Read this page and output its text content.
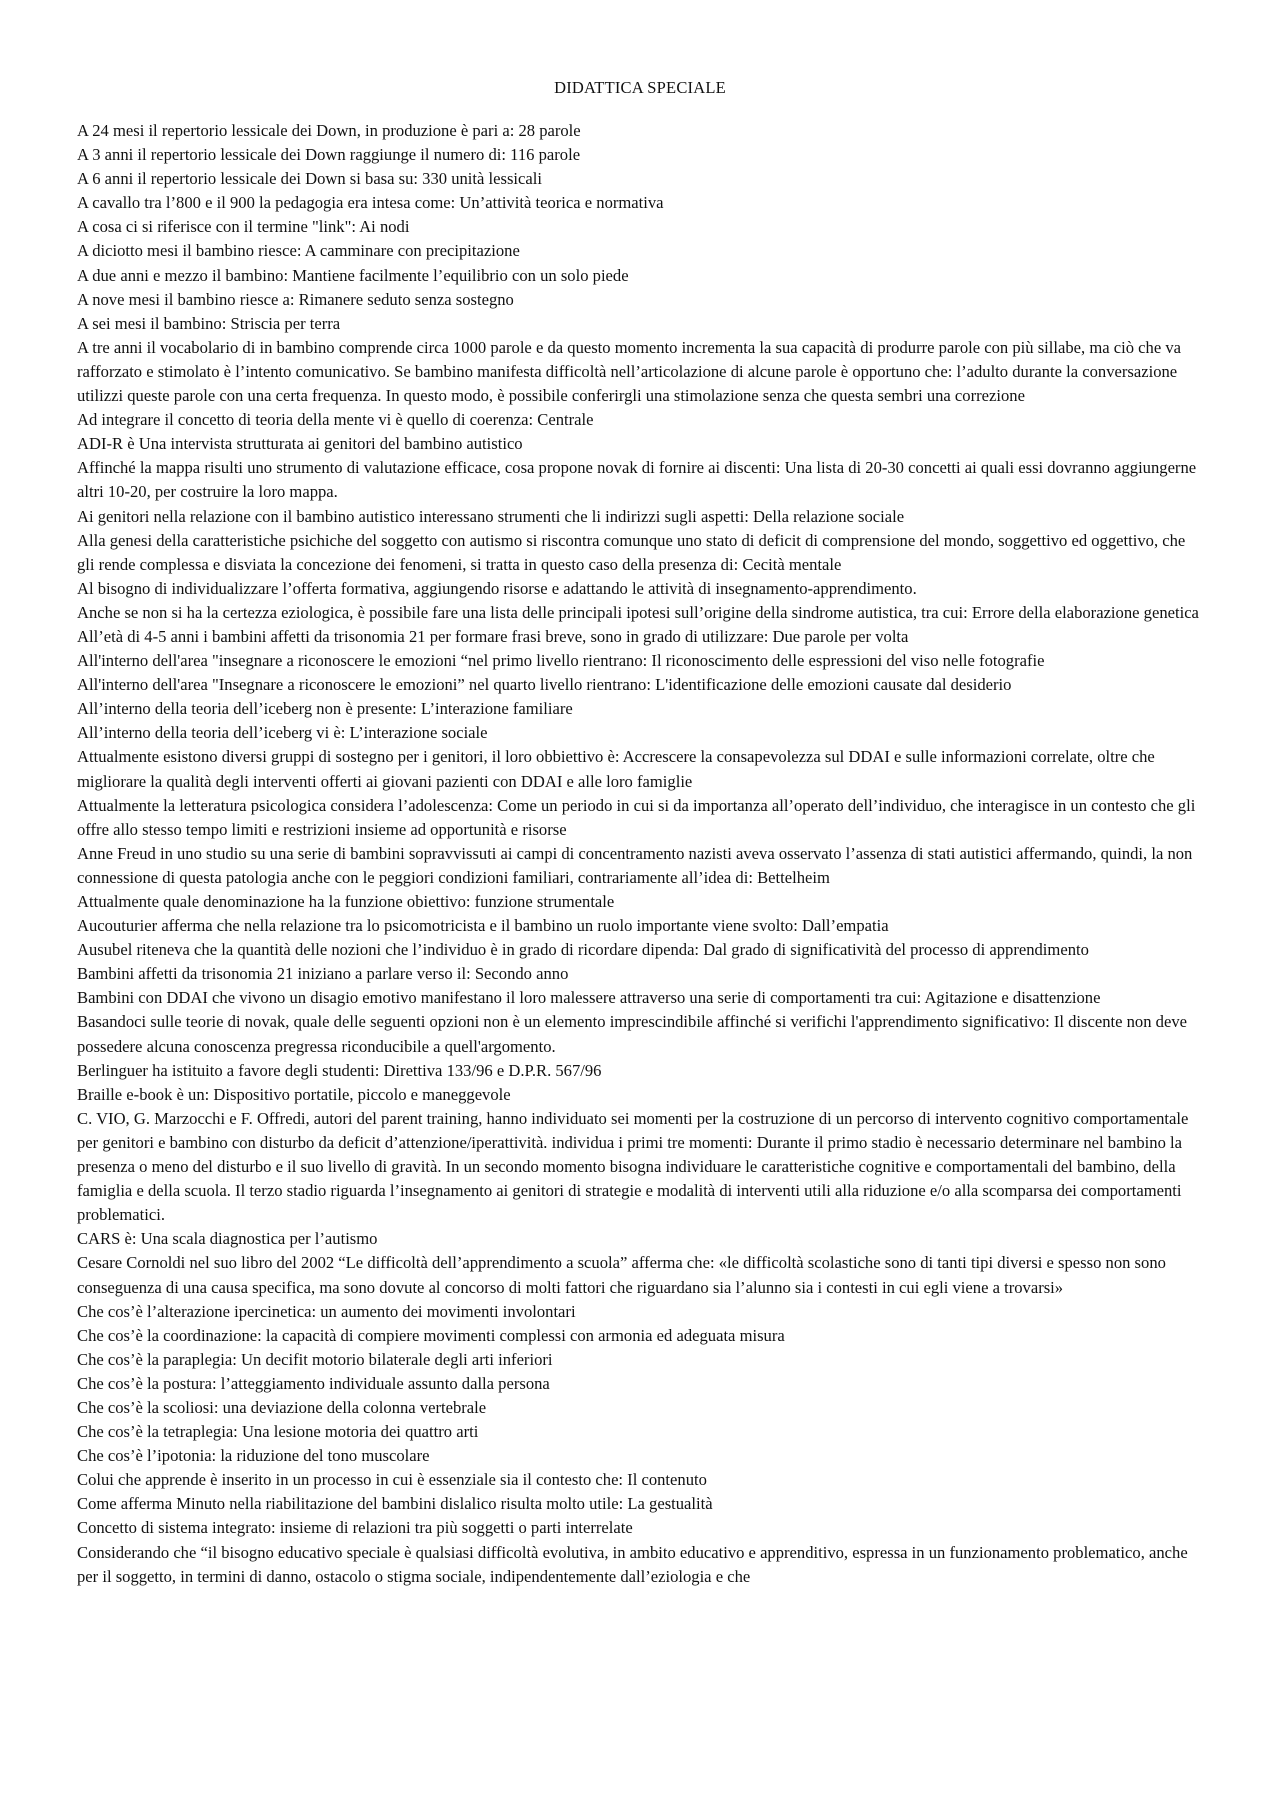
DIDATTICA SPECIALE

A 24 mesi il repertorio lessicale dei Down, in produzione è pari a: 28 parole

A 3 anni il repertorio lessicale dei Down raggiunge il numero di: 116 parole

A 6 anni il repertorio lessicale dei Down si basa su: 330 unità lessicali

A cavallo tra l’800 e il 900 la pedagogia era intesa come: Un’attività teorica e normativa

A cosa ci si riferisce con il termine "link": Ai nodi

A diciotto mesi il bambino riesce: A camminare con precipitazione

A due anni e mezzo il bambino: Mantiene facilmente l’equilibrio con un solo piede

A nove mesi il bambino riesce a: Rimanere seduto senza sostegno

A sei mesi il bambino: Striscia per terra

A tre anni il vocabolario di in bambino comprende circa 1000 parole e da questo momento incrementa la sua capacità di produrre parole con più sillabe, ma ciò che va rafforzato e stimolato è l’intento comunicativo. Se bambino manifesta difficoltà nell’articolazione di alcune parole è opportuno che: l’adulto durante la conversazione utilizzi queste parole con una certa frequenza. In questo modo, è possibile conferirgli una stimolazione senza che questa sembri una correzione

Ad integrare il concetto di teoria della mente vi è quello di coerenza: Centrale

ADI-R è Una intervista strutturata ai genitori del bambino autistico

Affinché la mappa risulti uno strumento di valutazione efficace, cosa propone novak di fornire ai discenti: Una lista di 20-30 concetti ai quali essi dovranno aggiungerne altri 10-20, per costruire la loro mappa.

Ai genitori nella relazione con il bambino autistico interessano strumenti che li indirizzi sugli aspetti: Della relazione sociale

Alla genesi della caratteristiche psichiche del soggetto con autismo si riscontra comunque uno stato di deficit di comprensione del mondo, soggettivo ed oggettivo, che gli rende complessa e disviata la concezione dei fenomeni, si tratta in questo caso della presenza di: Cecità mentale

Al bisogno di individualizzare l’offerta formativa, aggiungendo risorse e adattando le attività di insegnamento-apprendimento.

Anche se non si ha la certezza eziologica, è possibile fare una lista delle principali ipotesi sull’origine della sindrome autistica, tra cui: Errore della elaborazione genetica

All’età di 4-5 anni i bambini affetti da trisonomia 21 per formare frasi breve, sono in grado di utilizzare: Due parole per volta

All'interno dell'area "insegnare a riconoscere le emozioni “nel primo livello rientrano: Il riconoscimento delle espressioni del viso nelle fotografie

All'interno dell'area "Insegnare a riconoscere le emozioni” nel quarto livello rientrano: L'identificazione delle emozioni causate dal desiderio

All’interno della teoria dell’iceberg non è presente: L’interazione familiare

All’interno della teoria dell’iceberg vi è: L’interazione sociale

Attualmente esistono diversi gruppi di sostegno per i genitori, il loro obbiettivo è: Accrescere la consapevolezza sul DDAI e sulle informazioni correlate, oltre che migliorare la qualità degli interventi offerti ai giovani pazienti con DDAI e alle loro famiglie

Attualmente la letteratura psicologica considera l’adolescenza: Come un periodo in cui si da importanza all’operato dell’individuo, che interagisce in un contesto che gli offre allo stesso tempo limiti e restrizioni insieme ad opportunità e risorse

Anne Freud in uno studio su una serie di bambini sopravvissuti ai campi di concentramento nazisti aveva osservato l’assenza di stati autistici affermando, quindi, la non connessione di questa patologia anche con le peggiori condizioni familiari, contrariamente all’idea di: Bettelheim

Attualmente quale denominazione ha la funzione obiettivo: funzione strumentale

Aucouturier afferma che nella relazione tra lo psicomotricista e il bambino un ruolo importante viene svolto: Dall’empatia

Ausubel riteneva che la quantità delle nozioni che l’individuo è in grado di ricordare dipenda: Dal grado di significatività del processo di apprendimento

Bambini affetti da trisonomia 21 iniziano a parlare verso il: Secondo anno

Bambini con DDAI che vivono un disagio emotivo manifestano il loro malessere attraverso una serie di comportamenti tra cui: Agitazione e disattenzione

Basandoci sulle teorie di novak, quale delle seguenti opzioni non è un elemento imprescindibile affinché si verifichi l'apprendimento significativo: Il discente non deve possedere alcuna conoscenza pregressa riconducibile a quell'argomento.

Berlinguer ha istituito a favore degli studenti: Direttiva 133/96 e D.P.R. 567/96

Braille e-book è un: Dispositivo portatile, piccolo e maneggevole

C. VIO, G. Marzocchi e F. Offredi, autori del parent training, hanno individuato sei momenti per la costruzione di un percorso di intervento cognitivo comportamentale per genitori e bambino con disturbo da deficit d’attenzione/iperattività. individua i primi tre momenti: Durante il primo stadio è necessario determinare nel bambino la presenza o meno del disturbo e il suo livello di gravità. In un secondo momento bisogna individuare le caratteristiche cognitive e comportamentali del bambino, della famiglia e della scuola. Il terzo stadio riguarda l’insegnamento ai genitori di strategie e modalità di interventi utili alla riduzione e/o alla scomparsa dei comportamenti problematici.

CARS è: Una scala diagnostica per l’autismo

Cesare Cornoldi nel suo libro del 2002 “Le difficoltà dell’apprendimento a scuola” afferma che: «le difficoltà scolastiche sono di tanti tipi diversi e spesso non sono conseguenza di una causa specifica, ma sono dovute al concorso di molti fattori che riguardano sia l’alunno sia i contesti in cui egli viene a trovarsi»

Che cos’è l’alterazione ipercinetica: un aumento dei movimenti involontari

Che cos’è la coordinazione: la capacità di compiere movimenti complessi con armonia ed adeguata misura

Che cos’è la paraplegia: Un decifit motorio bilaterale degli arti inferiori

Che cos’è la postura: l’atteggiamento individuale assunto dalla persona

Che cos’è la scoliosi: una deviazione della colonna vertebrale

Che cos’è la tetraplegia: Una lesione motoria dei quattro arti

Che cos’è l’ipotonia: la riduzione del tono muscolare

Colui che apprende è inserito in un processo in cui è essenziale sia il contesto che: Il contenuto

Come afferma Minuto nella riabilitazione del bambini dislalico risulta molto utile: La gestualità

Concetto di sistema integrato: insieme di relazioni tra più soggetti o parti interrelate

Considerando che “il bisogno educativo speciale è qualsiasi difficoltà evolutiva, in ambito educativo e apprenditivo, espressa in un funzionamento problematico, anche per il soggetto, in termini di danno, ostacolo o stigma sociale, indipendentemente dall’eziologia e che
